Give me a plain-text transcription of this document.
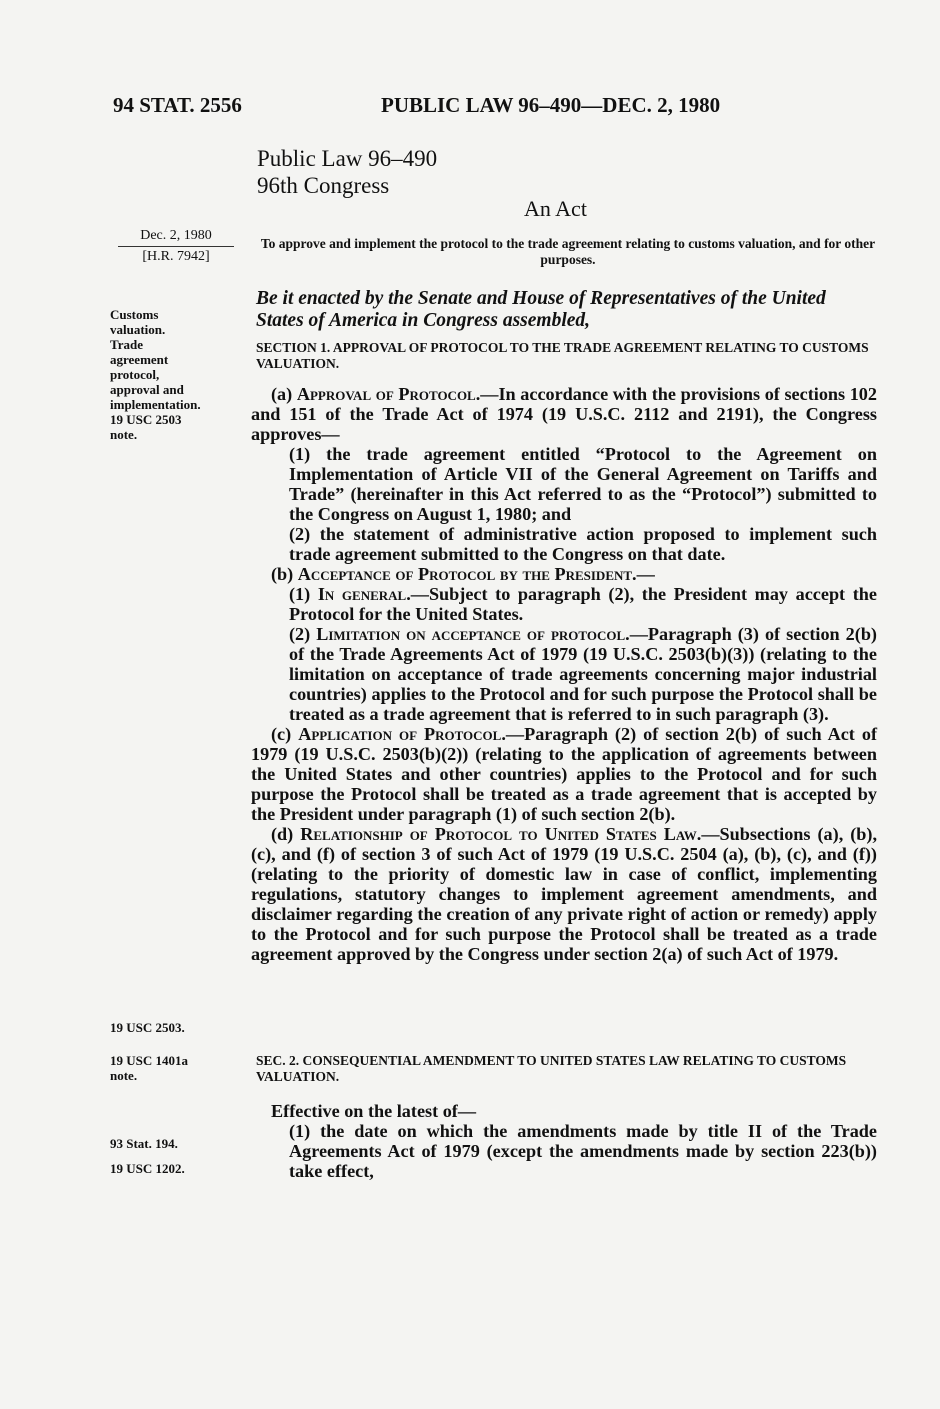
94 STAT. 2556	PUBLIC LAW 96–490—DEC. 2, 1980
Public Law 96–490
96th Congress
An Act
Dec. 2, 1980
[H.R. 7942]
To approve and implement the protocol to the trade agreement relating to customs valuation, and for other purposes.
Be it enacted by the Senate and House of Representatives of the United States of America in Congress assembled,
Customs
valuation.
Trade
agreement
protocol,
approval and
implementation.
19 USC 2503
note.
SECTION 1. APPROVAL OF PROTOCOL TO THE TRADE AGREEMENT RELATING TO CUSTOMS VALUATION.

(a) Approval of Protocol.—In accordance with the provisions of sections 102 and 151 of the Trade Act of 1974 (19 U.S.C. 2112 and 2191), the Congress approves—

(1) the trade agreement entitled “Protocol to the Agreement on Implementation of Article VII of the General Agreement on Tariffs and Trade” (hereinafter in this Act referred to as the “Protocol”) submitted to the Congress on August 1, 1980; and

(2) the statement of administrative action proposed to implement such trade agreement submitted to the Congress on that date.

(b) Acceptance of Protocol by the President.—

(1) In general.—Subject to paragraph (2), the President may accept the Protocol for the United States.

(2) Limitation on acceptance of protocol.—Paragraph (3) of section 2(b) of the Trade Agreements Act of 1979 (19 U.S.C. 2503(b)(3)) (relating to the limitation on acceptance of trade agreements concerning major industrial countries) applies to the Protocol and for such purpose the Protocol shall be treated as a trade agreement that is referred to in such paragraph (3).

(c) Application of Protocol.—Paragraph (2) of section 2(b) of such Act of 1979 (19 U.S.C. 2503(b)(2)) (relating to the application of agreements between the United States and other countries) applies to the Protocol and for such purpose the Protocol shall be treated as a trade agreement that is accepted by the President under paragraph (1) of such section 2(b).

(d) Relationship of Protocol to United States Law.—Subsections (a), (b), (c), and (f) of section 3 of such Act of 1979 (19 U.S.C. 2504 (a), (b), (c), and (f)) (relating to the priority of domestic law in case of conflict, implementing regulations, statutory changes to implement agreement amendments, and disclaimer regarding the creation of any private right of action or remedy) apply to the Protocol and for such purpose the Protocol shall be treated as a trade agreement approved by the Congress under section 2(a) of such Act of 1979.

19 USC 2503.
19 USC 1401a
note.
SEC. 2. CONSEQUENTIAL AMENDMENT TO UNITED STATES LAW RELATING TO CUSTOMS VALUATION.

Effective on the latest of—

(1) the date on which the amendments made by title II of the Trade Agreements Act of 1979 (except the amendments made by section 223(b)) take effect,

93 Stat. 194.
19 USC 1202.
